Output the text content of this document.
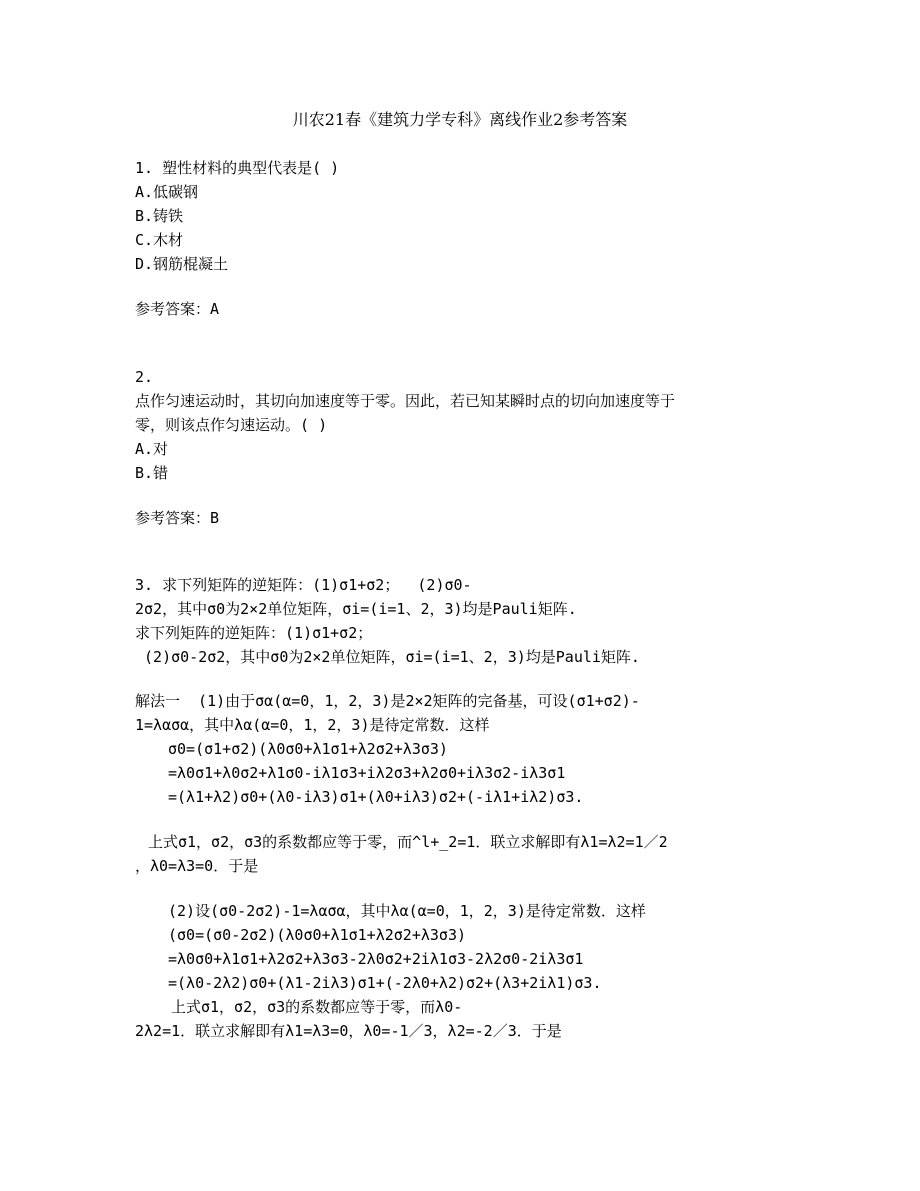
川农21春《建筑力学专科》离线作业2参考答案
1. 塑性材料的典型代表是( )
A.低碳钢
B.铸铁
C.木材
D.钢筋棍凝土
参考答案：A
2.
点作匀速运动时，其切向加速度等于零。因此，若已知某瞬时点的切向加速度等于
零，则该点作匀速运动。( )
A.对
B.错
参考答案：B
3. 求下列矩阵的逆矩阵：(1)σ1+σ2；  (2)σ0-
2σ2，其中σ0为2×2单位矩阵，σi=(i=1、2，3)均是Pauli矩阵.
求下列矩阵的逆矩阵：(1)σ1+σ2；
(2)σ0-2σ2，其中σ0为2×2单位矩阵，σi=(i=1、2，3)均是Pauli矩阵.
解法一  (1)由于σα(α=0，1，2，3)是2×2矩阵的完备基，可设(σ1+σ2)-
1=λασα，其中λα(α=0，1，2，3)是待定常数．这样
σ0=(σ1+σ2)(λ0σ0+λ1σ1+λ2σ2+λ3σ3)
=λ0σ1+λ0σ2+λ1σ0-iλ1σ3+iλ2σ3+λ2σ0+iλ3σ2-iλ3σ1
=(λ1+λ2)σ0+(λ0-iλ3)σ1+(λ0+iλ3)σ2+(-iλ1+iλ2)σ3.
上式σ1，σ2，σ3的系数都应等于零，而^l+_2=1．联立求解即有λ1=λ2=1／2
，λ0=λ3=0．于是
(2)设(σ0-2σ2)-1=λασα，其中λα(α=0，1，2，3)是待定常数．这样
(σ0=(σ0-2σ2)(λ0σ0+λ1σ1+λ2σ2+λ3σ3)
=λ0σ0+λ1σ1+λ2σ2+λ3σ3-2λ0σ2+2iλ1σ3-2λ2σ0-2iλ3σ1
=(λ0-2λ2)σ0+(λ1-2iλ3)σ1+(-2λ0+λ2)σ2+(λ3+2iλ1)σ3.
上式σ1，σ2，σ3的系数都应等于零，而λ0-
2λ2=1．联立求解即有λ1=λ3=0，λ0=-1／3，λ2=-2／3．于是
